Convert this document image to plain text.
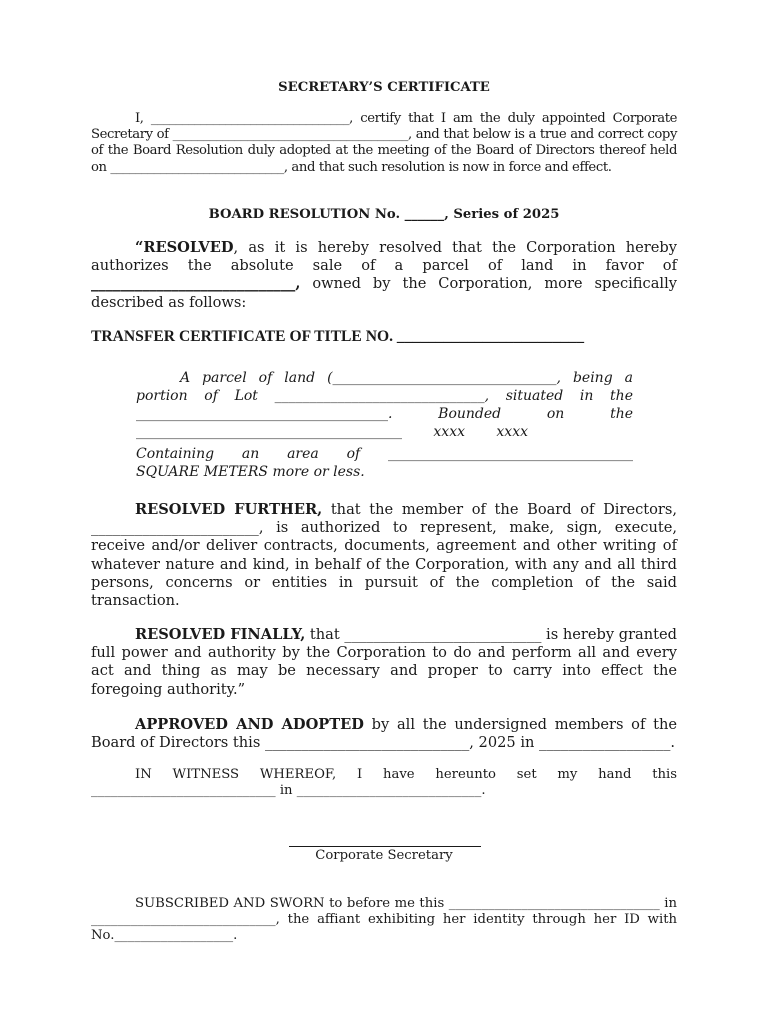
SECRETARY’S CERTIFICATE

I, ________________________________, certify that I am the duly appointed Corporate Secretary of ______________________________________, and that below is a true and correct copy of the Board Resolution duly adopted at the meeting of the Board of Directors thereof held on ____________________________, and that such resolution is now in force and effect.

BOARD RESOLUTION No. ______, Series of 2025

“RESOLVED, as it is hereby resolved that the Corporation hereby authorizes the absolute sale of a parcel of land in favor of ____________________________, owned by the Corporation, more specifically described as follows:

TRANSFER CERTIFICATE OF TITLE NO. ________________________
A parcel of land (________________________________, being a
portion of Lot ______________________________, situated in the
____________________________________. Bounded on the
______________________________________ xxxx xxxx
Containing an area of ___________________________________
SQUARE METERS more or less.

RESOLVED FURTHER, that the member of the Board of Directors, _______________________, is authorized to represent, make, sign, execute, receive and/or deliver contracts, documents, agreement and other writing of whatever nature and kind, in behalf of the Corporation, with any and all third persons, concerns or entities in pursuit of the completion of the said transaction.

RESOLVED FINALLY, that ___________________________ is hereby granted full power and authority by the Corporation to do and perform all and every act and thing as may be necessary and proper to carry into effect the foregoing authority.”

APPROVED AND ADOPTED by all the undersigned members of the Board of Directors this ____________________________, 2025 in __________________.

IN WITNESS WHEREOF, I have hereunto set my hand this ____________________________ in ____________________________.

Corporate Secretary

SUBSCRIBED AND SWORN to before me this ________________________________ in ____________________________, the affiant exhibiting her identity through her ID with No.__________________.
